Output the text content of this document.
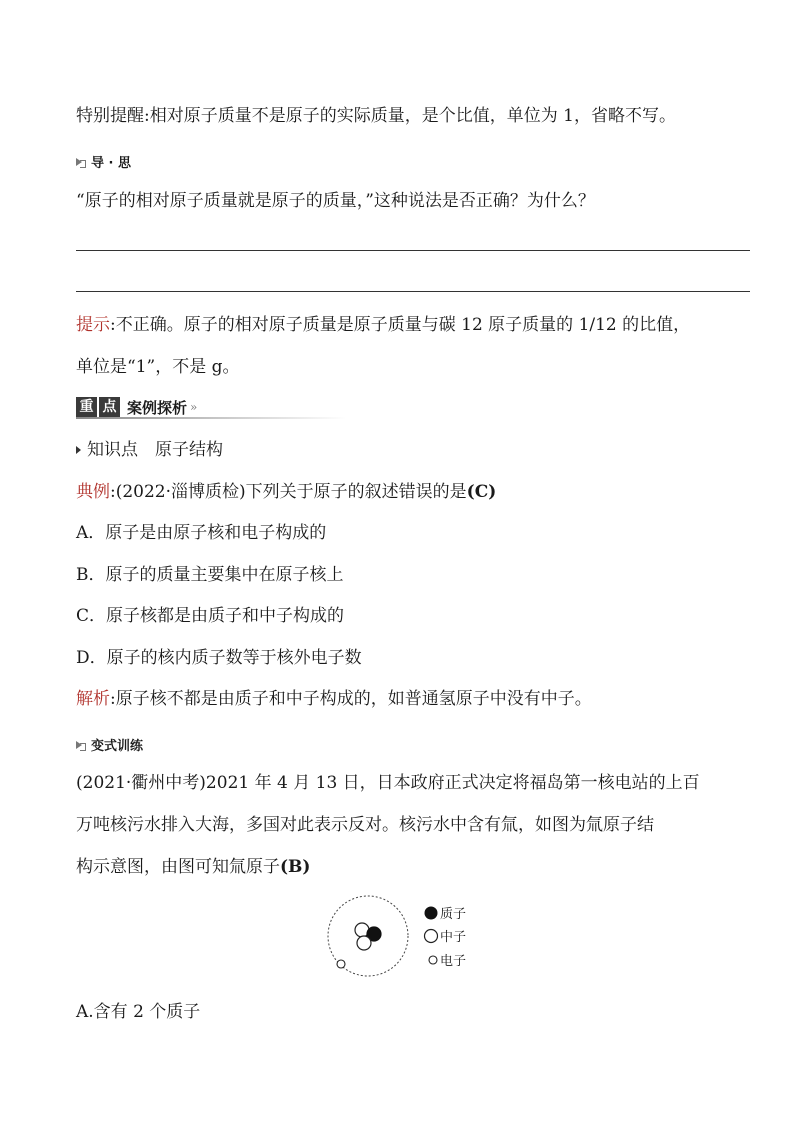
特别提醒:相对原子质量不是原子的实际质量，是个比值，单位为 1，省略不写。
导 · 思
“原子的相对原子质量就是原子的质量，”这种说法是否正确？为什么？
提示:不正确。原子的相对原子质量是原子质量与碳 12 原子质量的 1/12 的比值，
单位是“1”，不是 g。
重 点 案例探析 »
知识点　原子结构
典例:(2022·淄博质检)下列关于原子的叙述错误的是(C)
A．原子是由原子核和电子构成的
B．原子的质量主要集中在原子核上
C．原子核都是由质子和中子构成的
D．原子的核内质子数等于核外电子数
解析:原子核不都是由质子和中子构成的，如普通氢原子中没有中子。
变式训练
(2021·衢州中考)2021 年 4 月 13 日，日本政府正式决定将福岛第一核电站的上百
万吨核污水排入大海，多国对此表示反对。核污水中含有氚，如图为氚原子结
构示意图，由图可知氚原子(B)
质子
中子
电子
A.含有 2 个质子
